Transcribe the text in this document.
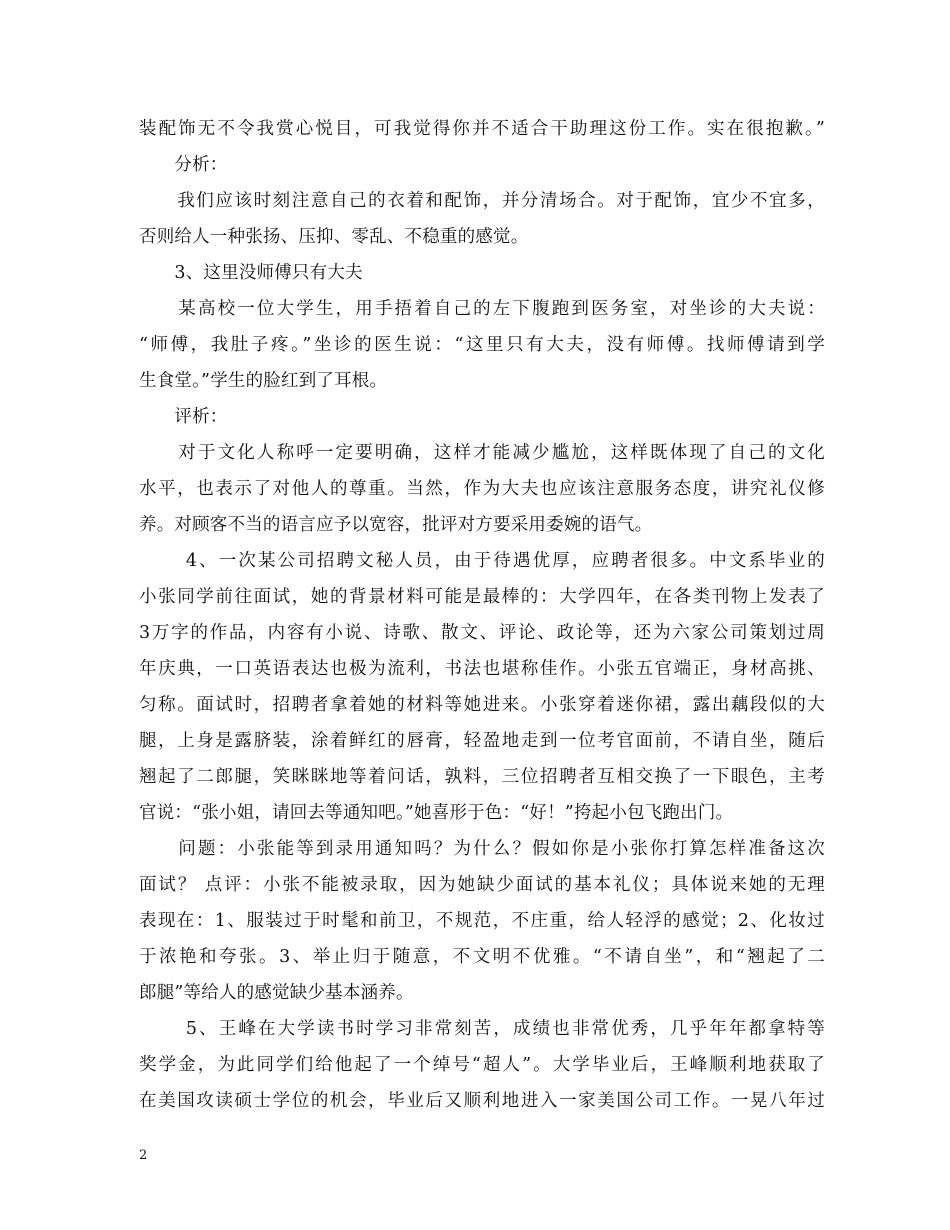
装配饰无不令我赏心悦目，可我觉得你并不适合干助理这份工作。实在很抱歉。”
　　分析：
　　我们应该时刻注意自己的衣着和配饰，并分清场合。对于配饰，宜少不宜多，
否则给人一种张扬、压抑、零乱、不稳重的感觉。
　　3、这里没师傅只有大夫
　　某高校一位大学生，用手捂着自己的左下腹跑到医务室，对坐诊的大夫说：
“师傅，我肚子疼。”坐诊的医生说：“这里只有大夫，没有师傅。找师傅请到学
生食堂。”学生的脸红到了耳根。
　　评析：
　　对于文化人称呼一定要明确，这样才能减少尴尬，这样既体现了自己的文化
水平，也表示了对他人的尊重。当然，作为大夫也应该注意服务态度，讲究礼仪修
养。对顾客不当的语言应予以宽容，批评对方要采用委婉的语气。
　　 4、一次某公司招聘文秘人员，由于待遇优厚，应聘者很多。中文系毕业的
小张同学前往面试，她的背景材料可能是最棒的：大学四年，在各类刊物上发表了
3万字的作品，内容有小说、诗歌、散文、评论、政论等，还为六家公司策划过周
年庆典，一口英语表达也极为流利，书法也堪称佳作。小张五官端正，身材高挑、
匀称。面试时，招聘者拿着她的材料等她进来。小张穿着迷你裙，露出藕段似的大
腿，上身是露脐装，涂着鲜红的唇膏，轻盈地走到一位考官面前，不请自坐，随后
翘起了二郎腿，笑眯眯地等着问话，孰料，三位招聘者互相交换了一下眼色，主考
官说：“张小姐，请回去等通知吧。”她喜形于色：“好！”挎起小包飞跑出门。
　　问题：小张能等到录用通知吗？为什么？假如你是小张你打算怎样准备这次
面试？ 点评：小张不能被录取，因为她缺少面试的基本礼仪；具体说来她的无理
表现在：1、服装过于时髦和前卫，不规范，不庄重，给人轻浮的感觉；2、化妆过
于浓艳和夸张。3、举止归于随意，不文明不优雅。“不请自坐”，和“翘起了二
郎腿”等给人的感觉缺少基本涵养。
　　 5、王峰在大学读书时学习非常刻苦，成绩也非常优秀，几乎年年都拿特等
奖学金，为此同学们给他起了一个绰号“超人”。大学毕业后，王峰顺利地获取了
在美国攻读硕士学位的机会，毕业后又顺利地进入一家美国公司工作。一晃八年过
2
